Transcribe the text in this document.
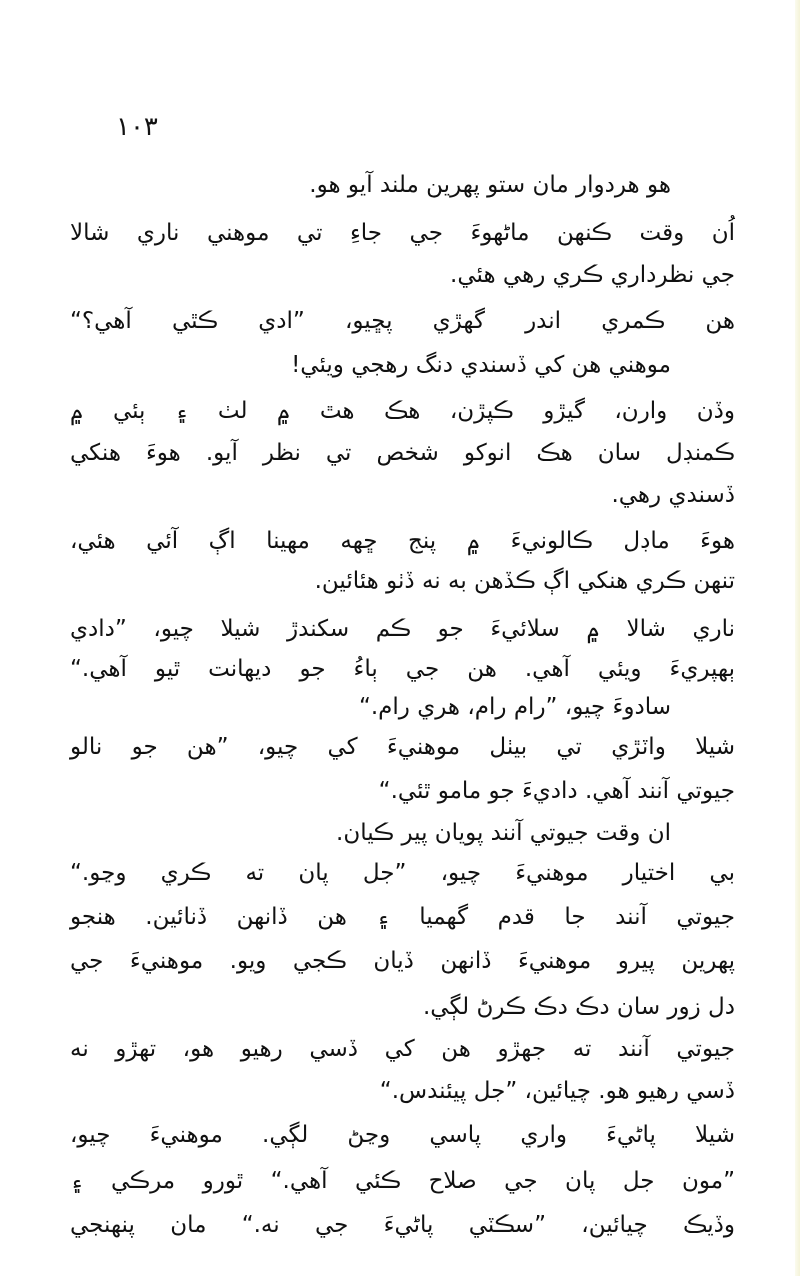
١٠٣
هو هردوار مان ستو پهرين ملند آيو هو.
اُن وقت ڪنهن ماڻهوءَ جي جاءِ تي موهني ناري شالا
جي نظرداري ڪري رهي هئي.
هن ڪمري اندر گهڙي پڇيو، ”ادي ڪٿي آهي؟“
موهني هن کي ڏسندي دنگ رهجي ويئي!
وڏن وارن، گيڙو ڪپڙن، هڪ هٿ ۾ لٺ ۽ ٻئي ۾
ڪمنڊل سان هڪ انوکو شخص تي نظر آيو. هوءَ هنکي
ڏسندي رهي.
هوءَ ماڊل ڪالونيءَ ۾ پنج ڇهه مهينا اڳ آئي هئي،
تنهن ڪري هنکي اڳ ڪڏهن به نه ڏٺو هئائين.
ناري شالا ۾ سلائيءَ جو ڪم سکندڙ شيلا چيو، ”دادي
ٻهپريءَ ويئي آهي. هن جي ٻاءُ جو ديهانت ٿيو آهي.“
سادوءَ چيو، ”رام رام، هري رام.“
شيلا واٽڙي تي بيٺل موهنيءَ کي چيو، ”هن جو نالو
جيوتي آنند آهي. داديءَ جو مامو ٿئي.“
ان وقت جيوتي آنند پويان پير ڪيان.
بي اختيار موهنيءَ چيو، ”جل پان ته ڪري وڃو.“
جيوتي آنند جا قدم گهميا ۽ هن ڏانهن ڏنائين. هنجو
پهرين پيرو موهنيءَ ڏانهن ڏيان ڪجي ويو. موهنيءَ جي
دل زور سان دڪ دڪ ڪرڻ لڳي.
جيوتي آنند ته جهڙو هن کي ڏسي رهيو هو، تهڙو نه
ڏسي رهيو هو. چيائين، ”جل پيئندس.“
شيلا پاڻيءَ واري پاسي وڃڻ لڳي. موهنيءَ چيو،
”مون جل پان جي صلاح ڪئي آهي.“ ٿورو مرڪي ۽
وڏيڪ چيائين، ”سڪٽي پاڻيءَ جي نه.“ مان پنهنجي
